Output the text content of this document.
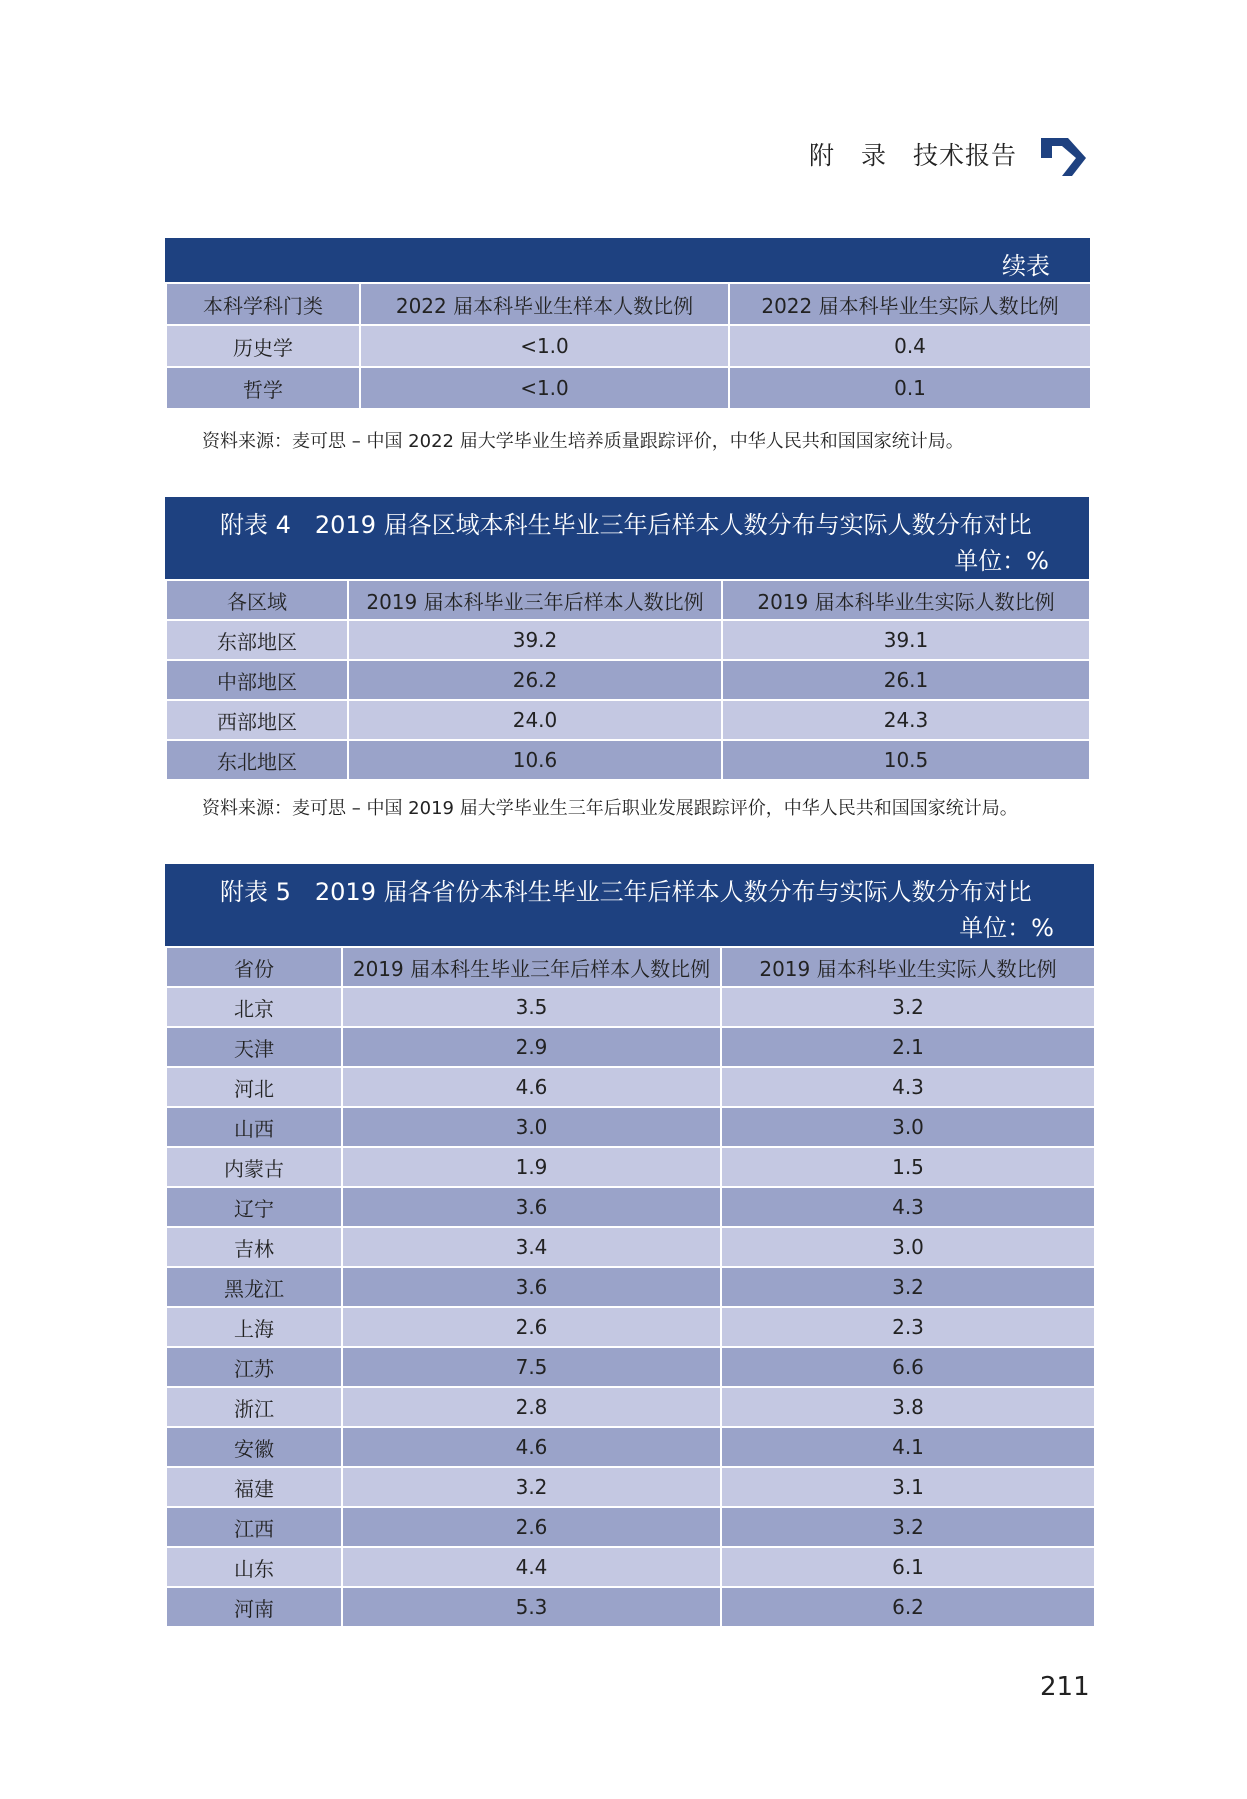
附　录 技术报告
续表
本科学科门类	2022 届本科毕业生样本人数比例	2022 届本科毕业生实际人数比例
历史学	<1.0	0.4
哲学	<1.0	0.1
资料来源：麦可思 – 中国 2022 届大学毕业生培养质量跟踪评价，中华人民共和国国家统计局。
附表 4　2019 届各区域本科生毕业三年后样本人数分布与实际人数分布对比
单位：%
各区域	2019 届本科毕业三年后样本人数比例	2019 届本科毕业生实际人数比例
东部地区	39.2	39.1
中部地区	26.2	26.1
西部地区	24.0	24.3
东北地区	10.6	10.5
资料来源：麦可思 – 中国 2019 届大学毕业生三年后职业发展跟踪评价，中华人民共和国国家统计局。
附表 5　2019 届各省份本科生毕业三年后样本人数分布与实际人数分布对比
单位：%
省份	2019 届本科生毕业三年后样本人数比例	2019 届本科毕业生实际人数比例
北京	3.5	3.2
天津	2.9	2.1
河北	4.6	4.3
山西	3.0	3.0
内蒙古	1.9	1.5
辽宁	3.6	4.3
吉林	3.4	3.0
黑龙江	3.6	3.2
上海	2.6	2.3
江苏	7.5	6.6
浙江	2.8	3.8
安徽	4.6	4.1
福建	3.2	3.1
江西	2.6	3.2
山东	4.4	6.1
河南	5.3	6.2
211
